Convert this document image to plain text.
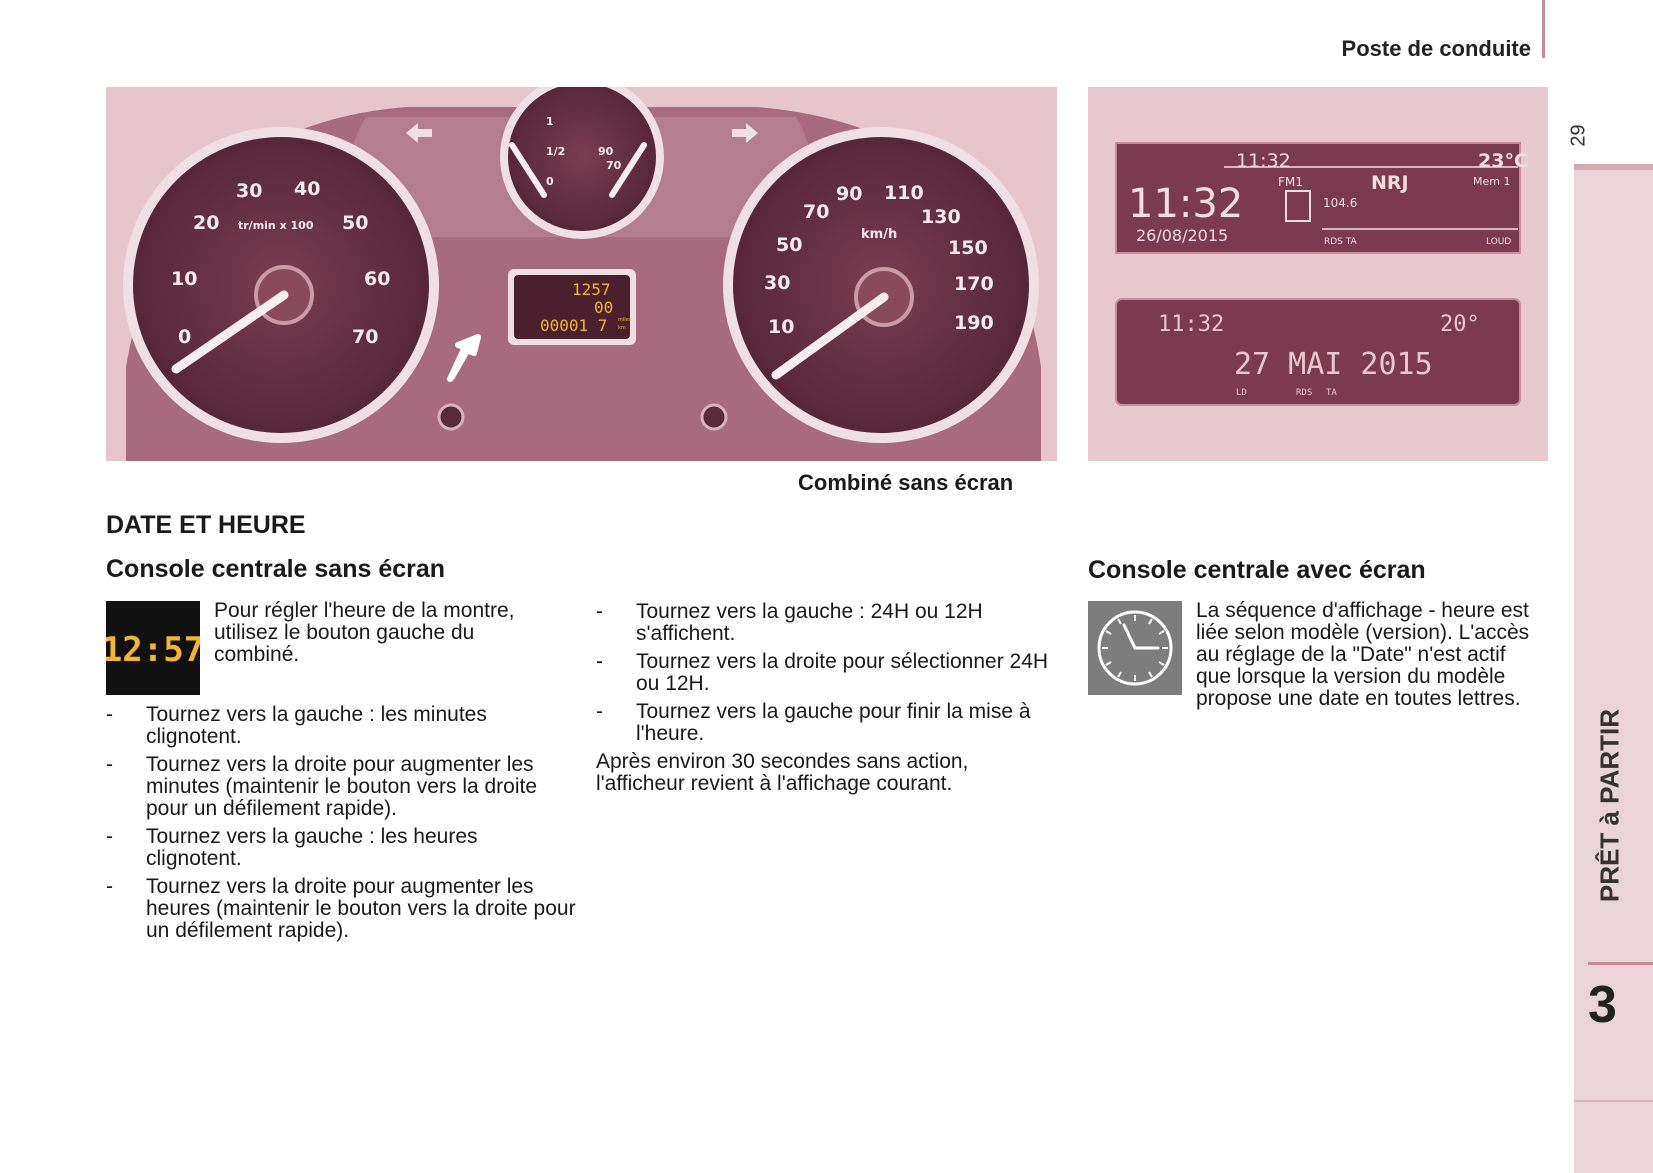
Poste de conduite
29
PRÊT à PARTIR
3
0
10
20
30 40
50
60
70
tr/min x 100
10
30
50
70
90 110
130
150
170
190
km/h
1
1/2
0
90
70
1257
00
00001 7 miles
km
11:32	23°C
11:32
26/08/2015
FM1	NRJ	Mem 1
104.6
RDS TA	LOUD
11:32	20°
27 MAI 2015
LD	RDS TA
Combiné sans écran
DATE ET HEURE
Console centrale sans écran	Console centrale avec écran
12:57
Pour régler l'heure de la montre, utilisez le bouton gauche du combiné.
- Tournez vers la gauche : les minutes clignotent.
- Tournez vers la droite pour augmenter les minutes (maintenir le bouton vers la droite pour un défilement rapide).
- Tournez vers la gauche : les heures clignotent.
- Tournez vers la droite pour augmenter les heures (maintenir le bouton vers la droite pour un défilement rapide).
- Tournez vers la gauche : 24H ou 12H s'affichent.
- Tournez vers la droite pour sélectionner 24H ou 12H.
- Tournez vers la gauche pour finir la mise à l'heure.
Après environ 30 secondes sans action, l'afficheur revient à l'affichage courant.
La séquence d'affichage - heure est liée selon modèle (version). L'accès au réglage de la "Date" n'est actif que lorsque la version du modèle propose une date en toutes lettres.
